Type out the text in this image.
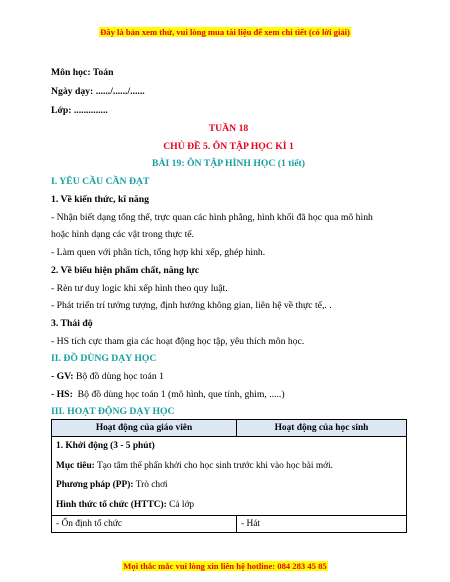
Đây là bản xem thử, vui lòng mua tài liệu để xem chi tiết (có lời giải)
Môn học: Toán
Ngày dạy: ....../....../......
Lớp: ..............
TUẦN 18
CHỦ ĐỀ 5. ÔN TẬP HỌC KÌ 1
BÀI 19: ÔN TẬP HÌNH HỌC (1 tiết)
I. YÊU CẦU CẦN ĐẠT
1. Về kiến thức, kĩ năng
- Nhận biết dạng tổng thể, trực quan các hình phẳng, hình khối đã học qua mô hình
hoặc hình dạng các vật trong thực tế.
- Làm quen với phân tích, tổng hợp khi xếp, ghép hình.
2. Về biểu hiện phẩm chất, năng lực
- Rèn tư duy logic khi xếp hình theo quy luật.
- Phát triển trí tưởng tượng, định hướng không gian, liên hệ về thực tế,. .
3. Thái độ
- HS tích cực tham gia các hoạt động học tập, yêu thích môn học.
II. ĐỒ DÙNG DẠY HỌC
- GV: Bộ đồ dùng học toán 1
- HS: Bộ đồ dùng học toán 1 (mô hình, que tính, ghim, .....)
III. HOẠT ĐỘNG DẠY HỌC
Hoạt động của giáo viên	Hoạt động của học sinh

1. Khởi động (3 - 5 phút)
Mục tiêu: Tạo tâm thế phấn khởi cho học sinh trước khi vào học bài mới.
Phương pháp (PP): Trò chơi
Hình thức tổ chức (HTTC): Cả lớp	

- Ổn định tổ chức	- Hát
Mọi thắc mắc vui lòng xin liên hệ hotline: 084 283 45 85
